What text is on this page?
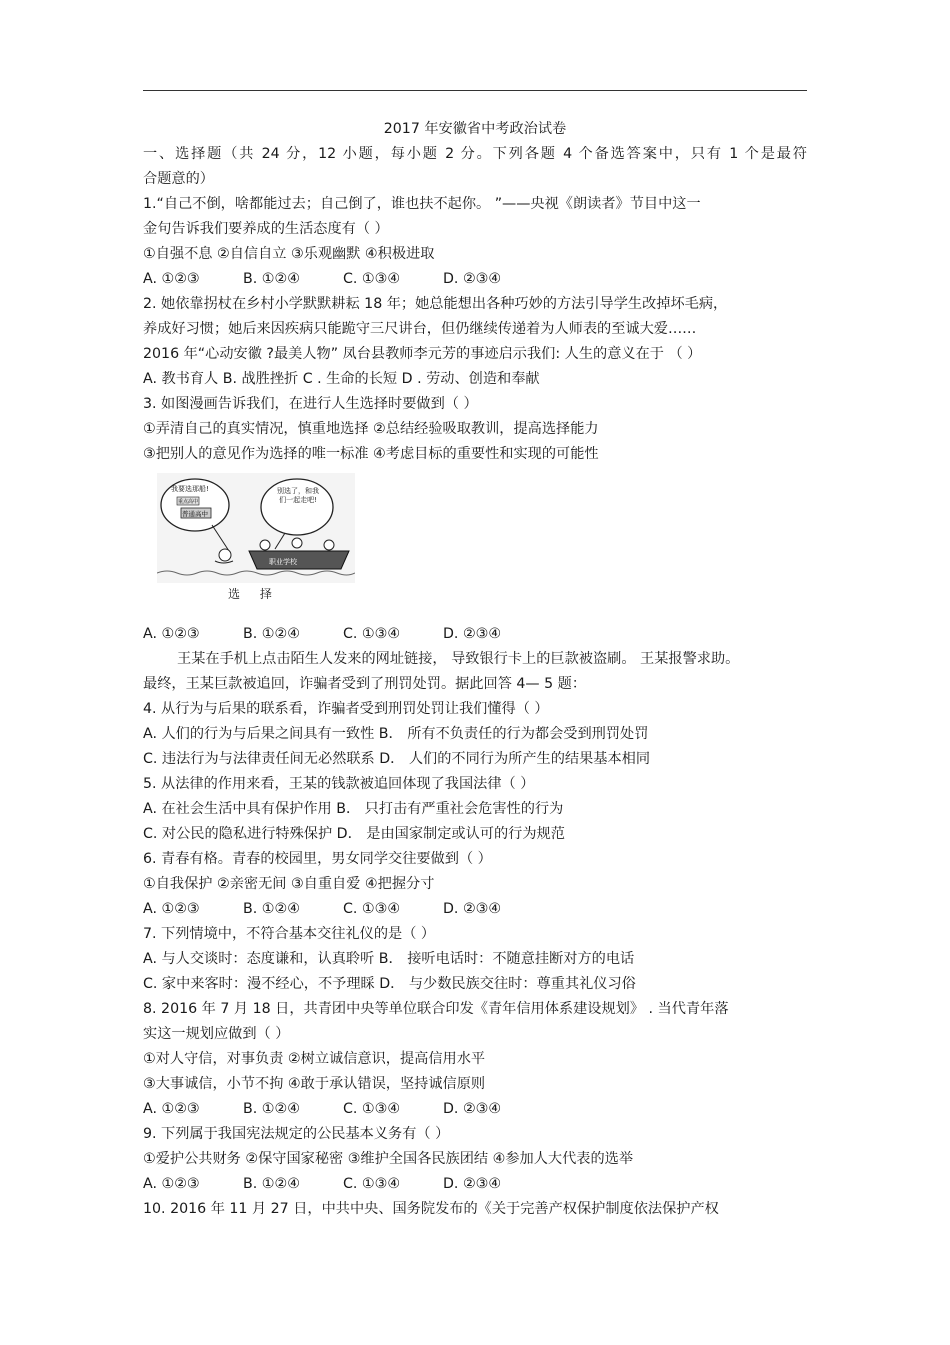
2017 年安徽省中考政治试卷
一、选择题（共 24 分，12 小题，每小题 2 分。下列各题 4 个备选答案中，只有 1 个是最符
合题意的）
1.“自己不倒，啥都能过去；自己倒了，谁也扶不起你。 ”——央视《朗读者》节目中这一
金句告诉我们要养成的生活态度有（ ）
①自强不息 ②自信自立 ③乐观幽默 ④积极进取
A. ①②③	B. ①②④	C. ①③④	D. ②③④
2. 她依靠拐杖在乡村小学默默耕耘 18 年；她总能想出各种巧妙的方法引导学生改掉坏毛病，
养成好习惯；她后来因疾病只能跪守三尺讲台，但仍继续传递着为人师表的至诚大爱……
2016 年“心动安徽 ?最美人物” 凤台县教师李元芳的事迹启示我们: 人生的意义在于 （ ）
A. 教书育人 B. 战胜挫折 C . 生命的长短 D . 劳动、创造和奉献
3. 如图漫画告诉我们，在进行人生选择时要做到（ ）
①弄清自己的真实情况，慎重地选择 ②总结经验吸取教训，提高选择能力
③把别人的意见作为选择的唯一标准 ④考虑目标的重要性和实现的可能性
我要选那船!
重点高中
普通高中
别选了，和我们一起走吧!
职业学校
选 择
A. ①②③	B. ①②④	C. ①③④	D. ②③④
王某在手机上点击陌生人发来的网址链接， 导致银行卡上的巨款被盗刷。 王某报警求助。
最终，王某巨款被追回，诈骗者受到了刑罚处罚。据此回答 4— 5 题：
4. 从行为与后果的联系看，诈骗者受到刑罚处罚让我们懂得（ ）
A. 人们的行为与后果之间具有一致性 B． 所有不负责任的行为都会受到刑罚处罚
C. 违法行为与法律责任间无必然联系 D． 人们的不同行为所产生的结果基本相同
5. 从法律的作用来看，王某的钱款被追回体现了我国法律（ ）
A. 在社会生活中具有保护作用 B． 只打击有严重社会危害性的行为
C. 对公民的隐私进行特殊保护 D． 是由国家制定或认可的行为规范
6. 青春有格。青春的校园里，男女同学交往要做到（ ）
①自我保护 ②亲密无间 ③自重自爱 ④把握分寸
A. ①②③	B. ①②④	C. ①③④	D. ②③④
7. 下列情境中，不符合基本交往礼仪的是（ ）
A. 与人交谈时：态度谦和，认真聆听 B． 接听电话时：不随意挂断对方的电话
C. 家中来客时：漫不经心，不予理睬 D． 与少数民族交往时：尊重其礼仪习俗
8. 2016 年 7 月 18 日，共青团中央等单位联合印发《青年信用体系建设规划》 . 当代青年落
实这一规划应做到（ ）
①对人守信，对事负责 ②树立诚信意识，提高信用水平
③大事诚信，小节不拘 ④敢于承认错误，坚持诚信原则
A. ①②③	B. ①②④	C. ①③④	D. ②③④
9. 下列属于我国宪法规定的公民基本义务有（ ）
①爱护公共财务 ②保守国家秘密 ③维护全国各民族团结 ④参加人大代表的选举
A. ①②③	B. ①②④	C. ①③④	D. ②③④
10. 2016 年 11 月 27 日，中共中央、国务院发布的《关于完善产权保护制度依法保护产权
